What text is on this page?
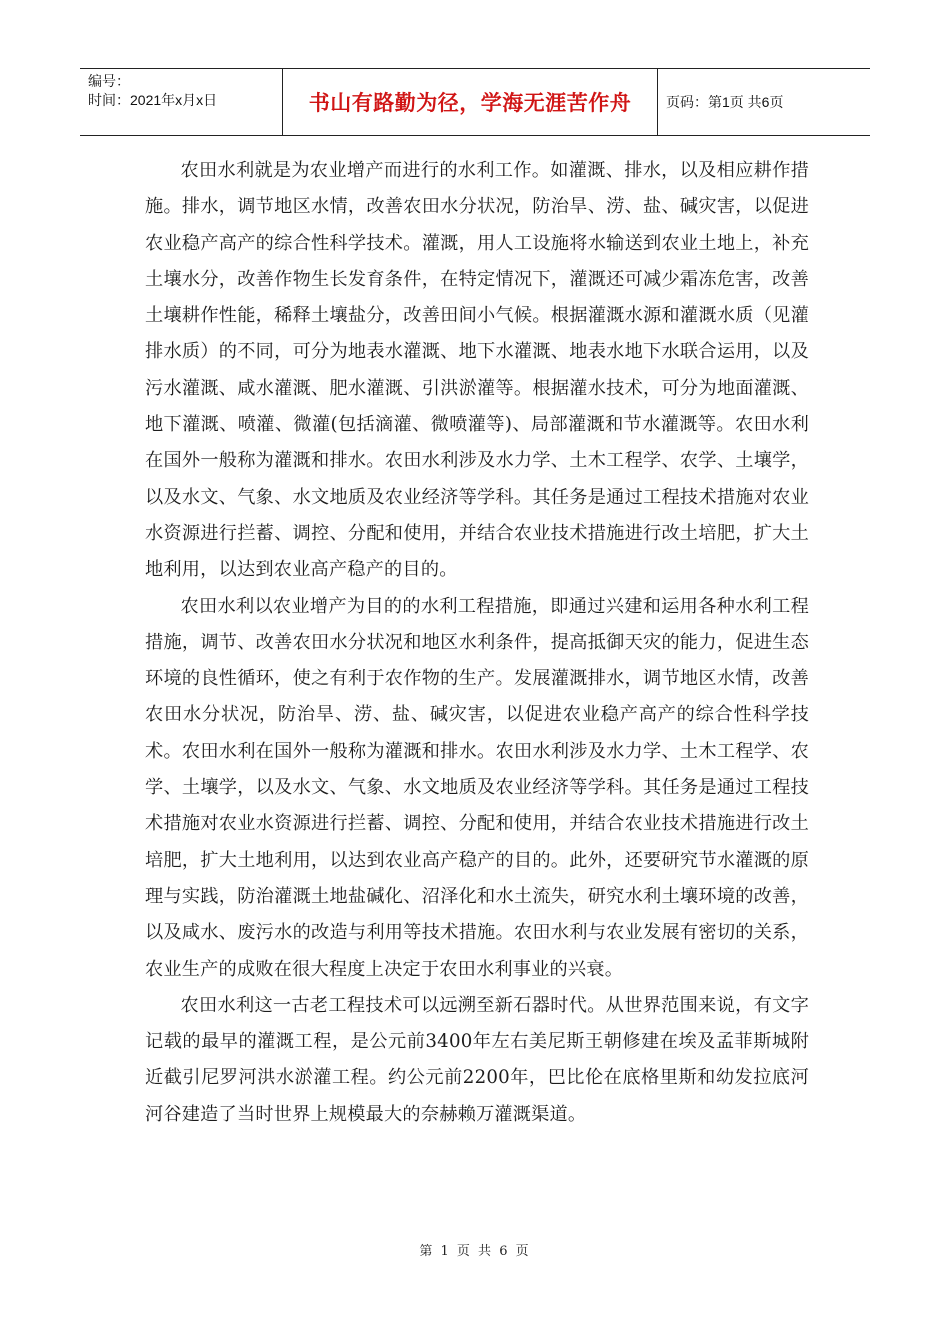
编号：
时间：2021年x月x日	书山有路勤为径，学海无涯苦作舟	页码：第1页 共6页

农田水利就是为农业增产而进行的水利工作。如灌溉、排水，以及相应耕作措施。排水，调节地区水情，改善农田水分状况，防治旱、涝、盐、碱灾害，以促进农业稳产高产的综合性科学技术。灌溉，用人工设施将水输送到农业土地上，补充土壤水分，改善作物生长发育条件，在特定情况下，灌溉还可减少霜冻危害，改善土壤耕作性能，稀释土壤盐分，改善田间小气候。根据灌溉水源和灌溉水质（见灌排水质）的不同，可分为地表水灌溉、地下水灌溉、地表水地下水联合运用，以及污水灌溉、咸水灌溉、肥水灌溉、引洪淤灌等。根据灌水技术，可分为地面灌溉、地下灌溉、喷灌、微灌(包括滴灌、微喷灌等)、局部灌溉和节水灌溉等。农田水利在国外一般称为灌溉和排水。农田水利涉及水力学、土木工程学、农学、土壤学，以及水文、气象、水文地质及农业经济等学科。其任务是通过工程技术措施对农业水资源进行拦蓄、调控、分配和使用，并结合农业技术措施进行改土培肥，扩大土地利用，以达到农业高产稳产的目的。

农田水利以农业增产为目的的水利工程措施，即通过兴建和运用各种水利工程措施，调节、改善农田水分状况和地区水利条件，提高抵御天灾的能力，促进生态环境的良性循环，使之有利于农作物的生产。发展灌溉排水，调节地区水情，改善农田水分状况，防治旱、涝、盐、碱灾害，以促进农业稳产高产的综合性科学技术。农田水利在国外一般称为灌溉和排水。农田水利涉及水力学、土木工程学、农学、土壤学，以及水文、气象、水文地质及农业经济等学科。其任务是通过工程技术措施对农业水资源进行拦蓄、调控、分配和使用，并结合农业技术措施进行改土培肥，扩大土地利用，以达到农业高产稳产的目的。此外，还要研究节水灌溉的原理与实践，防治灌溉土地盐碱化、沼泽化和水土流失，研究水利土壤环境的改善，以及咸水、废污水的改造与利用等技术措施。农田水利与农业发展有密切的关系，农业生产的成败在很大程度上决定于农田水利事业的兴衰。

农田水利这一古老工程技术可以远溯至新石器时代。从世界范围来说，有文字记载的最早的灌溉工程，是公元前3400年左右美尼斯王朝修建在埃及孟菲斯城附近截引尼罗河洪水淤灌工程。约公元前2200年，巴比伦在底格里斯和幼发拉底河河谷建造了当时世界上规模最大的奈赫赖万灌溉渠道。

第 1 页 共 6 页
